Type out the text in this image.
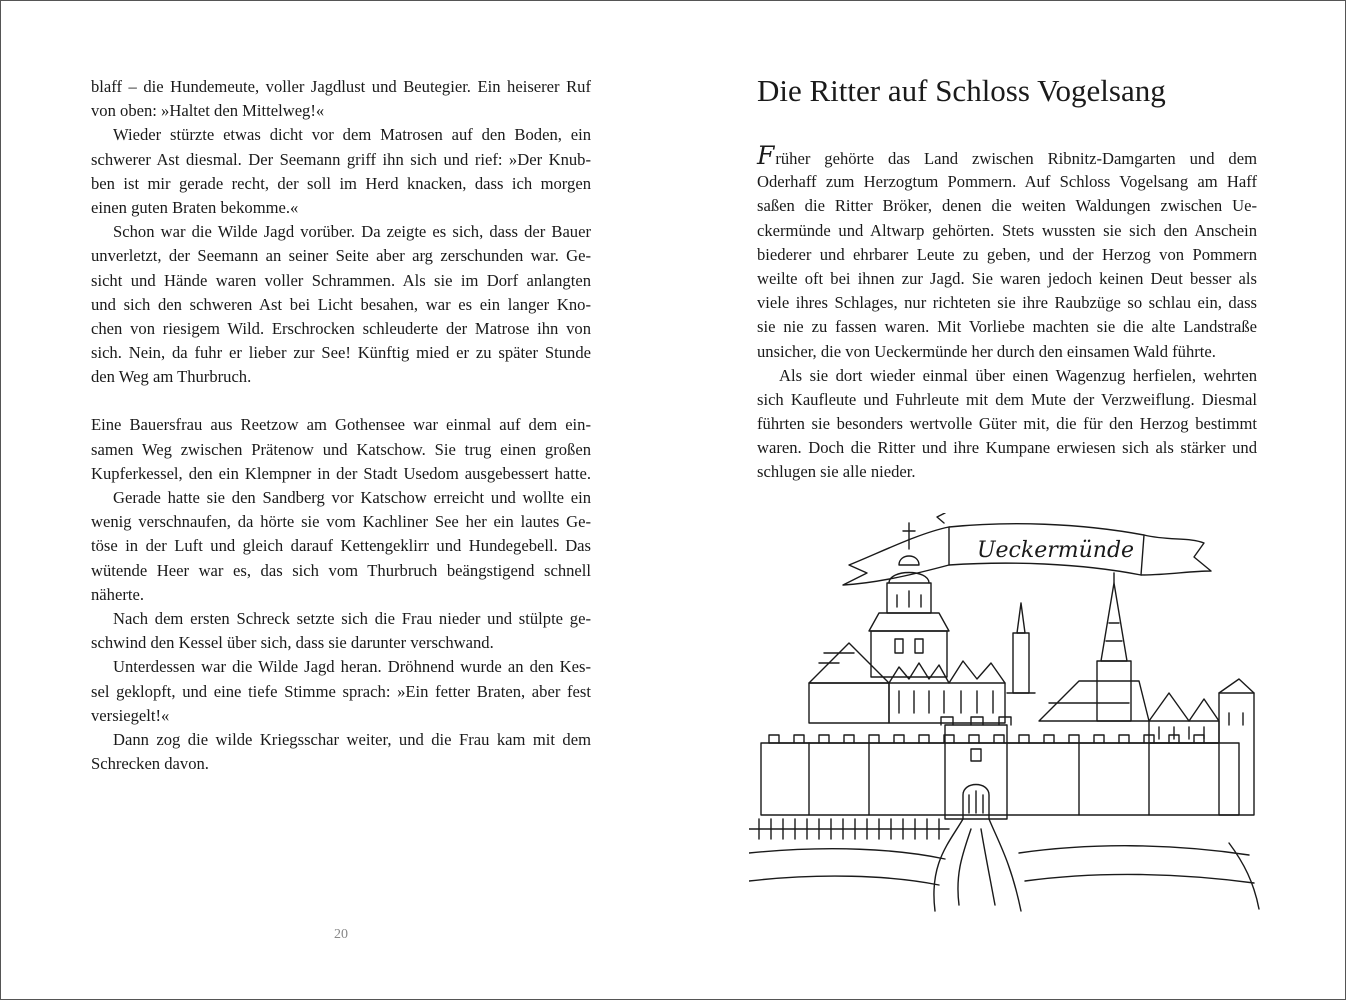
blaff – die Hundemeute, voller Jagdlust und Beutegier. Ein heiserer Ruf
von oben: »Haltet den Mittelweg!«
Wieder stürzte etwas dicht vor dem Matrosen auf den Boden, ein
schwerer Ast diesmal. Der Seemann griff ihn sich und rief: »Der Knub-
ben ist mir gerade recht, der soll im Herd knacken, dass ich morgen
einen guten Braten bekomme.«
Schon war die Wilde Jagd vorüber. Da zeigte es sich, dass der Bauer
unverletzt, der Seemann an seiner Seite aber arg zerschunden war. Ge-
sicht und Hände waren voller Schrammen. Als sie im Dorf anlangten
und sich den schweren Ast bei Licht besahen, war es ein langer Kno-
chen von riesigem Wild. Erschrocken schleuderte der Matrose ihn von
sich. Nein, da fuhr er lieber zur See! Künftig mied er zu später Stunde
den Weg am Thurbruch.
Eine Bauersfrau aus Reetzow am Gothensee war einmal auf dem ein-
samen Weg zwischen Prätenow und Katschow. Sie trug einen großen
Kupferkessel, den ein Klempner in der Stadt Usedom ausgebessert hatte.
Gerade hatte sie den Sandberg vor Katschow erreicht und wollte ein
wenig verschnaufen, da hörte sie vom Kachliner See her ein lautes Ge-
töse in der Luft und gleich darauf Kettengeklirr und Hundegebell. Das
wütende Heer war es, das sich vom Thurbruch beängstigend schnell
näherte.
Nach dem ersten Schreck setzte sich die Frau nieder und stülpte ge-
schwind den Kessel über sich, dass sie darunter verschwand.
Unterdessen war die Wilde Jagd heran. Dröhnend wurde an den Kes-
sel geklopft, und eine tiefe Stimme sprach: »Ein fetter Braten, aber fest
versiegelt!«
Dann zog die wilde Kriegsschar weiter, und die Frau kam mit dem
Schrecken davon.
20
Die Ritter auf Schloss Vogelsang
Früher gehörte das Land zwischen Ribnitz-Damgarten und dem
Oderhaff zum Herzogtum Pommern. Auf Schloss Vogelsang am Haff
saßen die Ritter Bröker, denen die weiten Waldungen zwischen Ue-
ckermünde und Altwarp gehörten. Stets wussten sie sich den Anschein
biederer und ehrbarer Leute zu geben, und der Herzog von Pommern
weilte oft bei ihnen zur Jagd. Sie waren jedoch keinen Deut besser als
viele ihres Schlages, nur richteten sie ihre Raubzüge so schlau ein, dass
sie nie zu fassen waren. Mit Vorliebe machten sie die alte Landstraße
unsicher, die von Ueckermünde her durch den einsamen Wald führte.
Als sie dort wieder einmal über einen Wagenzug herfielen, wehrten
sich Kaufleute und Fuhrleute mit dem Mute der Verzweiflung. Diesmal
führten sie besonders wertvolle Güter mit, die für den Herzog bestimmt
waren. Doch die Ritter und ihre Kumpane erwiesen sich als stärker und
schlugen sie alle nieder.
Ueckermünde
